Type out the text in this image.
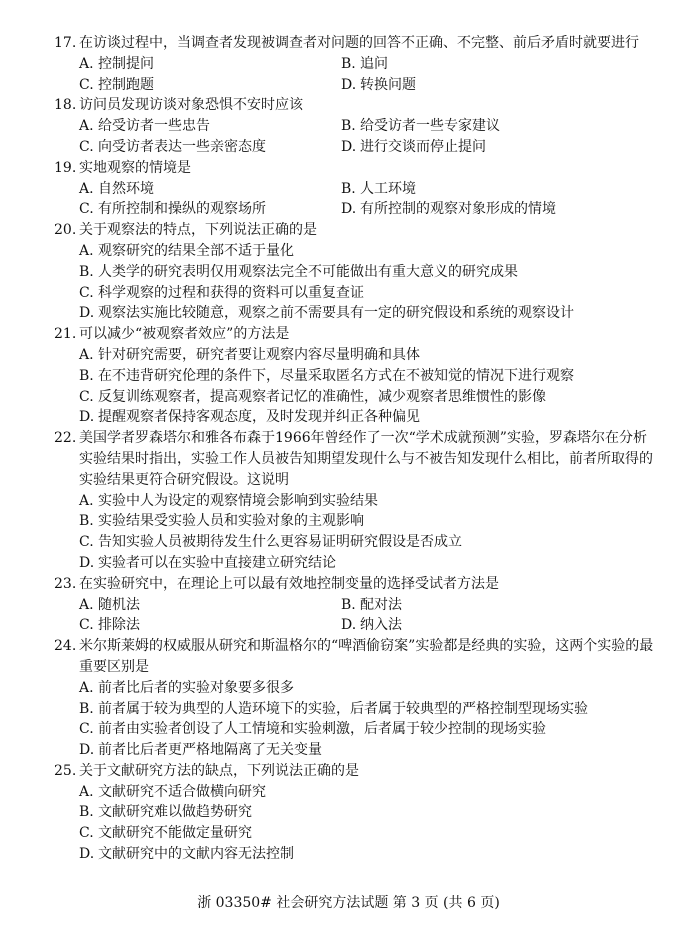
17. 在访谈过程中，当调查者发现被调查者对问题的回答不正确、不完整、前后矛盾时就要进行
A. 控制提问	B. 追问
C. 控制跑题	D. 转换问题
18. 访问员发现访谈对象恐惧不安时应该
A. 给受访者一些忠告	B. 给受访者一些专家建议
C. 向受访者表达一些亲密态度	D. 进行交谈而停止提问
19. 实地观察的情境是
A. 自然环境	B. 人工环境
C. 有所控制和操纵的观察场所	D. 有所控制的观察对象形成的情境
20. 关于观察法的特点，下列说法正确的是
A. 观察研究的结果全部不适于量化
B. 人类学的研究表明仅用观察法完全不可能做出有重大意义的研究成果
C. 科学观察的过程和获得的资料可以重复查证
D. 观察法实施比较随意，观察之前不需要具有一定的研究假设和系统的观察设计
21. 可以减少“被观察者效应”的方法是
A. 针对研究需要，研究者要让观察内容尽量明确和具体
B. 在不违背研究伦理的条件下，尽量采取匿名方式在不被知觉的情况下进行观察
C. 反复训练观察者，提高观察者记忆的准确性，减少观察者思维惯性的影像
D. 提醒观察者保持客观态度，及时发现并纠正各种偏见
22. 美国学者罗森塔尔和雅各布森于1966年曾经作了一次“学术成就预测”实验，罗森塔尔在分析实验结果时指出，实验工作人员被告知期望发现什么与不被告知发现什么相比，前者所取得的实验结果更符合研究假设。这说明
A. 实验中人为设定的观察情境会影响到实验结果
B. 实验结果受实验人员和实验对象的主观影响
C. 告知实验人员被期待发生什么更容易证明研究假设是否成立
D. 实验者可以在实验中直接建立研究结论
23. 在实验研究中，在理论上可以最有效地控制变量的选择受试者方法是
A. 随机法	B. 配对法
C. 排除法	D. 纳入法
24. 米尔斯莱姆的权威服从研究和斯温格尔的“啤酒偷窃案”实验都是经典的实验，这两个实验的最重要区别是
A. 前者比后者的实验对象要多很多
B. 前者属于较为典型的人造环境下的实验，后者属于较典型的严格控制型现场实验
C. 前者由实验者创设了人工情境和实验刺激，后者属于较少控制的现场实验
D. 前者比后者更严格地隔离了无关变量
25. 关于文献研究方法的缺点，下列说法正确的是
A. 文献研究不适合做横向研究
B. 文献研究难以做趋势研究
C. 文献研究不能做定量研究
D. 文献研究中的文献内容无法控制
浙 03350# 社会研究方法试题 第 3 页 (共 6 页)
